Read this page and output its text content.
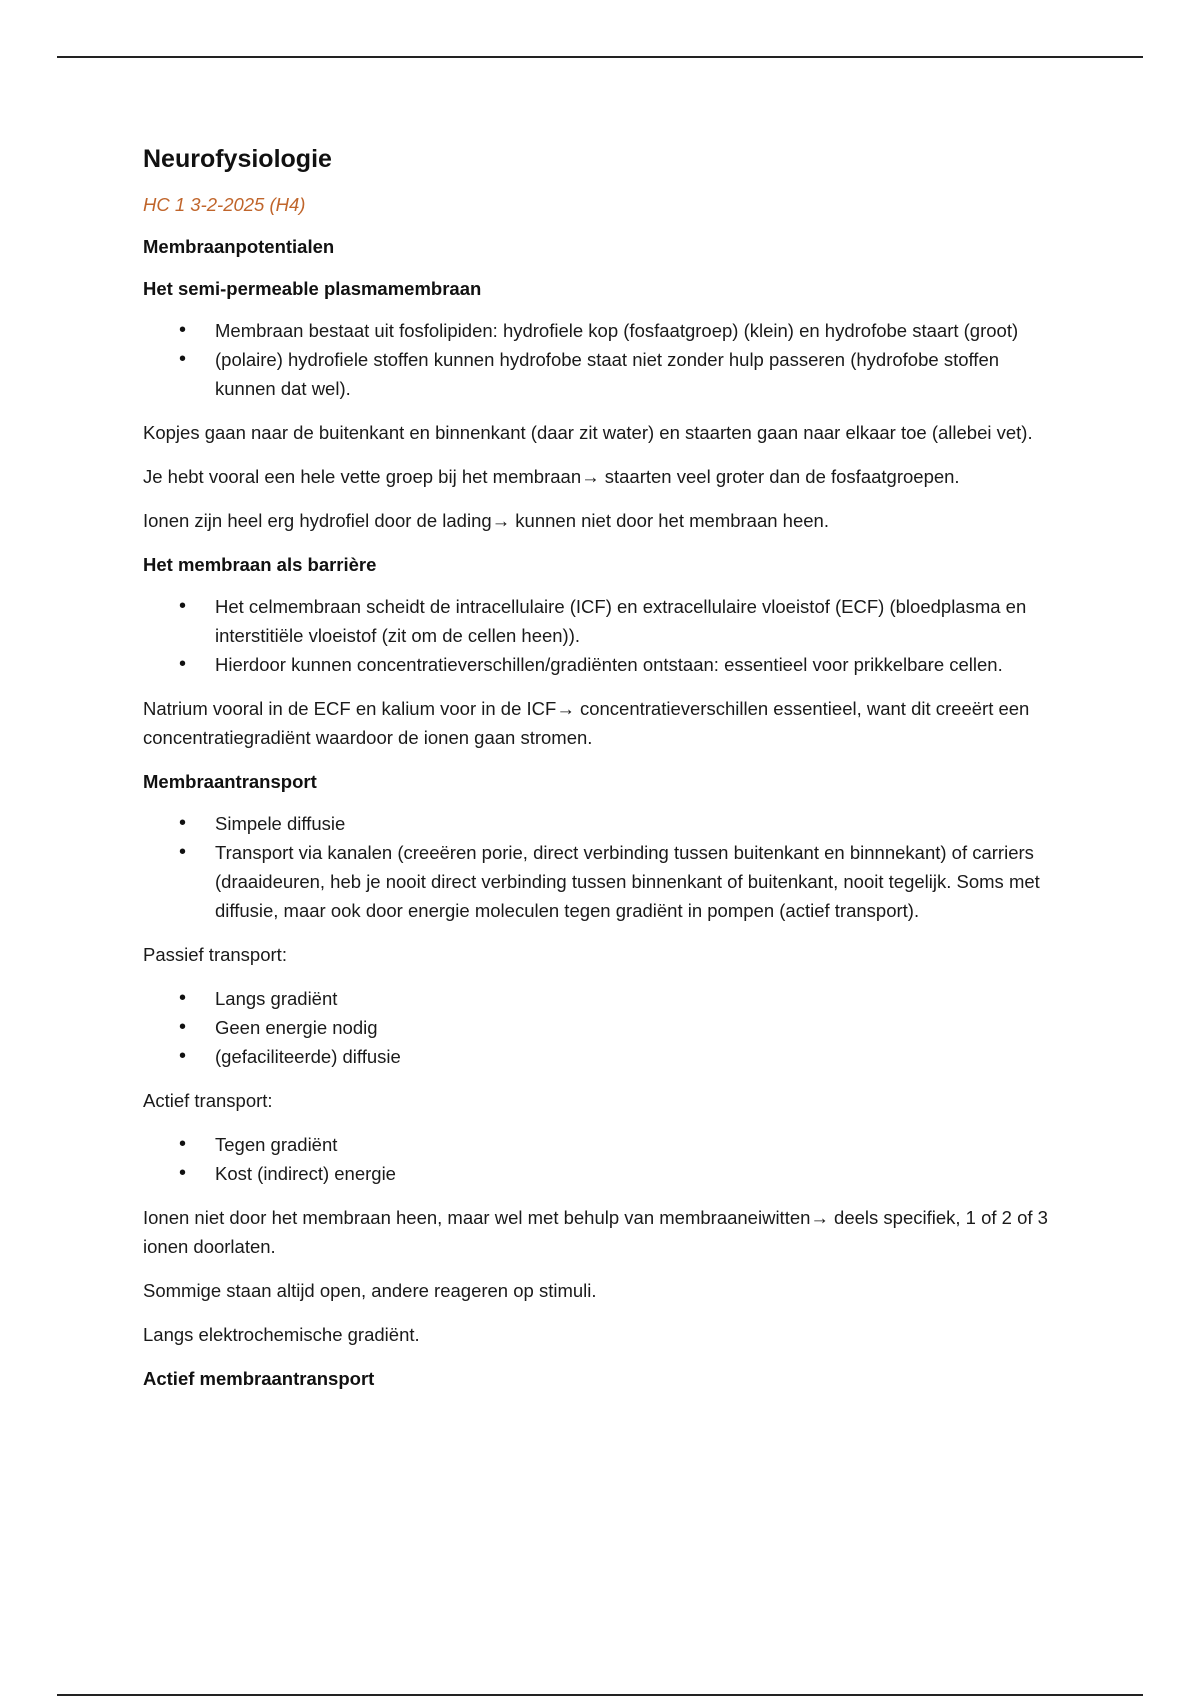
Neurofysiologie

HC 1 3-2-2025 (H4)

Membraanpotentialen

Het semi-permeable plasmamembraan

• Membraan bestaat uit fosfolipiden: hydrofiele kop (fosfaatgroep) (klein) en hydrofobe staart (groot)
• (polaire) hydrofiele stoffen kunnen hydrofobe staat niet zonder hulp passeren (hydrofobe stoffen kunnen dat wel).

Kopjes gaan naar de buitenkant en binnenkant (daar zit water) en staarten gaan naar elkaar toe (allebei vet).

Je hebt vooral een hele vette groep bij het membraan→ staarten veel groter dan de fosfaatgroepen.

Ionen zijn heel erg hydrofiel door de lading→ kunnen niet door het membraan heen.

Het membraan als barrière

• Het celmembraan scheidt de intracellulaire (ICF) en extracellulaire vloeistof (ECF) (bloedplasma en interstitiële vloeistof (zit om de cellen heen)).
• Hierdoor kunnen concentratieverschillen/gradiënten ontstaan: essentieel voor prikkelbare cellen.

Natrium vooral in de ECF en kalium voor in de ICF→ concentratieverschillen essentieel, want dit creeërt een concentratiegradiënt waardoor de ionen gaan stromen.

Membraantransport

• Simpele diffusie
• Transport via kanalen (creeëren porie, direct verbinding tussen buitenkant en binnnekant) of carriers (draaideuren, heb je nooit direct verbinding tussen binnenkant of buitenkant, nooit tegelijk. Soms met diffusie, maar ook door energie moleculen tegen gradiënt in pompen (actief transport).

Passief transport:

• Langs gradiënt
• Geen energie nodig
• (gefaciliteerde) diffusie

Actief transport:

• Tegen gradiënt
• Kost (indirect) energie

Ionen niet door het membraan heen, maar wel met behulp van membraaneiwitten→ deels specifiek, 1 of 2 of 3 ionen doorlaten.

Sommige staan altijd open, andere reageren op stimuli.

Langs elektrochemische gradiënt.

Actief membraantransport
